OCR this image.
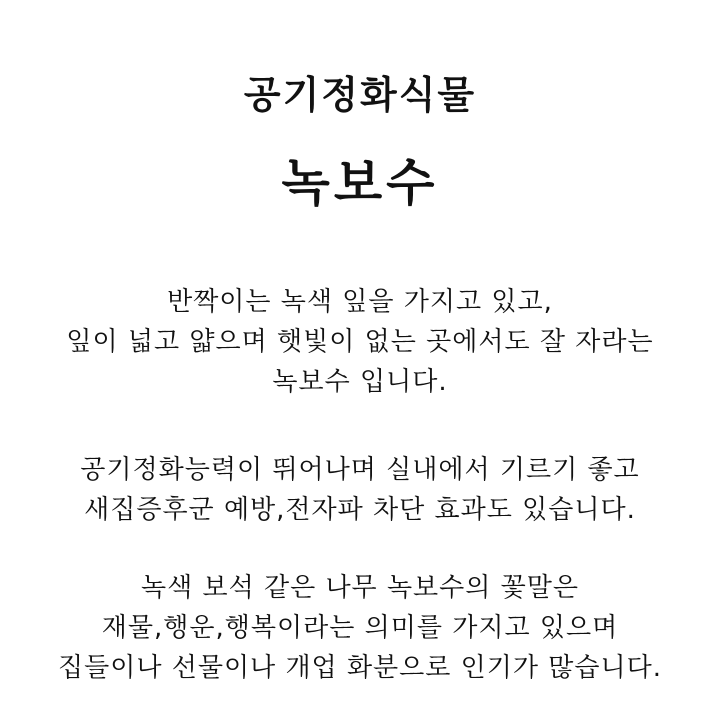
공기정화식물
녹보수
반짝이는 녹색 잎을 가지고 있고,
잎이 넓고 얇으며 햇빛이 없는 곳에서도 잘 자라는
녹보수 입니다.
공기정화능력이 뛰어나며 실내에서 기르기 좋고
새집증후군 예방,전자파 차단 효과도 있습니다.
녹색 보석 같은 나무 녹보수의 꽃말은
재물,행운,행복이라는 의미를 가지고 있으며
집들이나 선물이나 개업 화분으로 인기가 많습니다.
